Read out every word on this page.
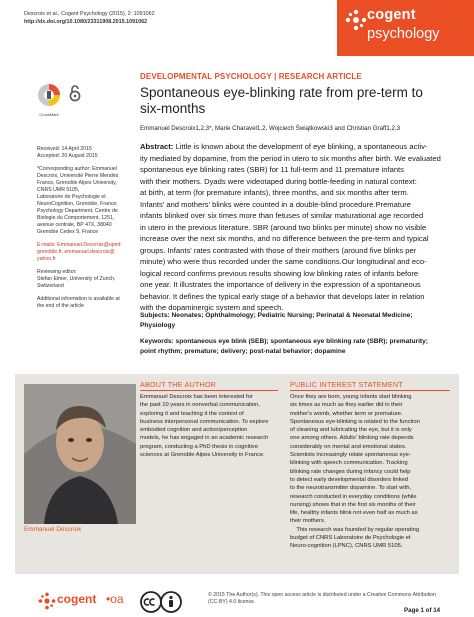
Descroix et al., Cogent Psychology (2015), 2: 1091062
http://dx.doi.org/10.1080/23311908.2015.1091062	cogent
psychology
CrossMark

Received: 14 April 2015
Accepted: 20 August 2015

*Corresponding author: Emmanuel
Descroix, Université Pierre Mendès
France, Grenoble Alpes University,
CNRS UMR 5105,
Laboratoire de Psychologie et
NeuroCognition, Grenoble, France;
Psychology Department, Centre de
Biologie du Comportement, 1251,
avenue centrale, BP 47X, 38040
Grenoble Cedex 9, France

E-mails: Emmanuel.Descroix@upmf-
grenoble.fr, emmanuel.descroix@
yahoo.fr

Reviewing editor:
Stefan Elmer, University of Zurich,
Switzerland

Additional information is available at
the end of the article

DEVELOPMENTAL PSYCHOLOGY | RESEARCH ARTICLE
Spontaneous eye-blinking rate from pre-term to
six-months
Emmanuel Descroix1,2,3*, Marie Charavel1,2, Wojciech Świątkowski3 and Christian Graff1,2,3
Abstract: Little is known about the development of eye blinking, a spontaneous activ-
ity mediated by dopamine, from the period in utero to six months after birth. We evaluated
spontaneous eye blinking rates (SBR) for 11 full-term and 11 premature infants
with their mothers. Dyads were videotaped during bottle-feeding in natural context:
at birth, at term (for premature infants), three months, and six months after term.
Infants' and mothers' blinks were counted in a double-blind procedure.Premature
infants blinked over six times more than fetuses of similar maturational age recorded
in utero in the previous literature. SBR (around two blinks per minute) show no visible
increase over the next six months, and no difference between the pre-term and typical
groups. Infants' rates contrasted with those of their mothers (around five blinks per
minute) who were thus recorded under the same conditions.Our longitudinal and eco-
logical record confirms previous results showing low blinking rates of infants before
one year. It illustrates the importance of delivery in the expression of a spontaneous
behavior. It defines the typical early stage of a behavior that develops later in relation
with the dopaminergic system and speech.
Subjects: Neonates; Ophthalmology; Pediatric Nursing; Perinatal & Neonatal Medicine;
Physiology
Keywords: spontaneous eye blink (SEB); spontaneous eye blinking rate (SBR); prematurity;
point rhythm; premature; delivery; post-natal behavior; dopamine
Emmanuel Descroix
ABOUT THE AUTHOR
Emmanuel Descroix has been interested for
the past 10 years in nonverbal communication,
exploring it and teaching it the context of
business interpersonal communication. To explore
embodied cognition and action/perception
models, he has engaged in an academic research
program, conducting a PhD thesis in cognitive
sciences at Grenoble Alpes University in France.
PUBLIC INTEREST STATEMENT
Once they are born, young infants start blinking
six times as much as they earlier did in their
mother's womb, whether term or premature.
Spontaneous eye-blinking is related to the function
of cleaning and lubricating the eye, but it is only
one among others. Adults' blinking rate depends
considerably on mental and emotional states.
Scientists increasingly relate spontaneous eye-
blinking with speech communication. Tracking
blinking rate changes during infancy could help
to detect early developmental disorders linked
to the neurotransmitter dopamine. To start with,
research conducted in everyday conditions (while
nursing) shows that in the first six months of their
life, healthy infants blink not even half as much as
their mothers.
This research was founded by regular operating
budget of CNRS Laboratoire de Psychologie et
Neuro-cognition (LPNC), CNRS UMR 5105.
cogent •oa	© 2015 The Author(s). This open access article is distributed under a Creative Commons Attribution
(CC-BY) 4.0 license.
Page 1 of 14
